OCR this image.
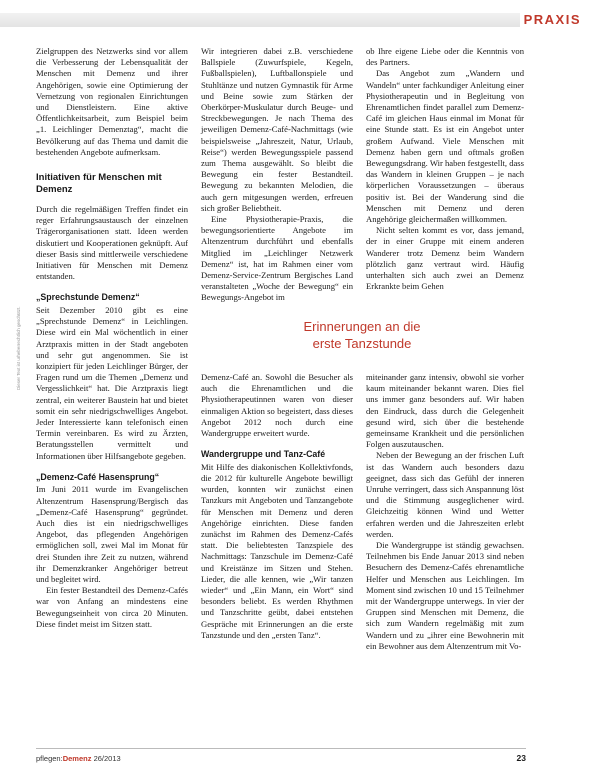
PRAXIS
Dieser Text ist urheberrechtlich geschützt.

Zielgruppen des Netzwerks sind vor allem die Verbesserung der Lebensqualität der Menschen mit Demenz und ihrer Angehörigen, sowie eine Optimierung der Vernetzung von regionalen Einrichtungen und Dienstleistern. Eine aktive Öffentlichkeitsarbeit, zum Beispiel beim „1. Leichlinger Demenztag“, macht die Bevölkerung auf das Thema und damit die bestehenden Angebote aufmerksam.

Initiativen für Menschen mit Demenz

Durch die regelmäßigen Treffen findet ein reger Erfahrungsaustausch der einzelnen Trägerorganisationen statt. Ideen werden diskutiert und Kooperationen geknüpft. Auf dieser Basis sind mittlerweile verschiedene Initiativen für Menschen mit Demenz entstanden.

„Sprechstunde Demenz“

Seit Dezember 2010 gibt es eine „Sprechstunde Demenz“ in Leichlingen. Diese wird ein Mal wöchentlich in einer Arztpraxis mitten in der Stadt angeboten und sehr gut angenommen. Sie ist konzipiert für jeden Leichlinger Bürger, der Fragen rund um die Themen „Demenz und Vergesslichkeit“ hat. Die Arztpraxis liegt zentral, ein weiterer Baustein hat und bietet somit ein sehr niedrigschwelliges Angebot. Jeder Interessierte kann telefonisch einen Termin vereinbaren. Es wird zu Ärzten, Beratungsstellen vermittelt und Informationen über Hilfsangebote gegeben.

„Demenz-Café Hasensprung“

Im Juni 2011 wurde im Evangelischen Altenzentrum Hasensprung/Bergisch das „Demenz-Café Hasensprung“ gegründet. Auch dies ist ein niedrigschwelliges Angebot, das pflegenden Angehörigen ermöglichen soll, zwei Mal im Monat für drei Stunden ihre Zeit zu nutzen, während ihr Demenzkranker Angehöriger betreut und begleitet wird.

Ein fester Bestandteil des Demenz-Cafés war von Anfang an mindestens eine Bewegungseinheit von circa 20 Minuten. Diese findet meist im Sitzen statt.

Wir integrieren dabei z.B. verschiedene Ballspiele (Zuwurfspiele, Kegeln, Fußballspielen), Luftballonspiele und Stuhltänze und nutzen Gymnastik für Arme und Beine sowie zum Stärken der Oberkörper-Muskulatur durch Beuge- und Streckbewegungen. Je nach Thema des jeweiligen Demenz-Café-Nachmittags (wie beispielsweise „Jahreszeit, Natur, Urlaub, Reise“) werden Bewegungsspiele passend zum Thema ausgewählt. So bleibt die Bewegung ein fester Bestandteil. Bewegung zu bekannten Melodien, die auch gern mitgesungen werden, erfreuen sich großer Beliebtheit.

Eine Physiotherapie-Praxis, die bewegungsorientierte Angebote im Altenzentrum durchführt und ebenfalls Mitglied im „Leichlinger Netzwerk Demenz“ ist, hat im Rahmen einer vom Demenz-Service-Zentrum Bergisches Land veranstalteten „Woche der Bewegung“ ein Bewegungs-Angebot im

ob Ihre eigene Liebe oder die Kenntnis von des Partners.

Das Angebot zum „Wandern und Wandeln“ unter fachkundiger Anleitung einer Physiotherapeutin und in Begleitung von Ehrenamtlichen findet parallel zum Demenz-Café im gleichen Haus einmal im Monat für eine Stunde statt. Es ist ein Angebot unter großem Aufwand. Viele Menschen mit Demenz haben gern und oftmals großen Bewegungsdrang. Wir haben festgestellt, dass das Wandern in kleinen Gruppen – je nach körperlichen Voraussetzungen – überaus positiv ist. Bei der Wanderung sind die Menschen mit Demenz und deren Angehörige gleichermaßen willkommen.

Nicht selten kommt es vor, dass jemand, der in einer Gruppe mit einem anderen Wanderer trotz Demenz beim Wandern plötzlich ganz vertraut wird. Häufig unterhalten sich auch zwei an Demenz Erkrankte beim Gehen

Erinnerungen an die
erste Tanzstunde

Demenz-Café an. Sowohl die Besucher als auch die Ehrenamtlichen und die Physiotherapeutinnen waren von dieser einmaligen Aktion so begeistert, dass dieses Angebot 2012 noch durch eine Wandergruppe erweitert wurde.

Wandergruppe und Tanz-Café

Mit Hilfe des diakonischen Kollektivfonds, die 2012 für kulturelle Angebote bewilligt wurden, konnten wir zunächst einen Tanzkurs mit Angeboten und Tanzangebote für Menschen mit Demenz und deren Angehörige einrichten. Diese fanden zunächst im Rahmen des Demenz-Cafés statt. Die beliebtesten Tanzspiele des Nachmittags: Tanzschule im Demenz-Café und Kreistänze im Sitzen und Stehen. Lieder, die alle kennen, wie „Wir tanzen wieder“ und „Ein Mann, ein Wort“ sind besonders beliebt. Es werden Rhythmen und Tanzschritte geübt, dabei entstehen Gespräche mit Erinnerungen an die erste Tanzstunde und den „ersten Tanz“.

miteinander ganz intensiv, obwohl sie vorher kaum miteinander bekannt waren. Dies fiel uns immer ganz besonders auf. Wir haben den Eindruck, dass durch die Gelegenheit gesund wird, sich über die bestehende gemeinsame Krankheit und die persönlichen Folgen auszutauschen.

Neben der Bewegung an der frischen Luft ist das Wandern auch besonders dazu geeignet, dass sich das Gefühl der inneren Unruhe verringert, dass sich Anspannung löst und die Stimmung ausgeglichener wird. Gleichzeitig können Wind und Wetter erfahren werden und die Jahreszeiten erlebt werden.

Die Wandergruppe ist ständig gewachsen. Teilnehmen bis Ende Januar 2013 sind neben Besuchern des Demenz-Cafés ehrenamtliche Helfer und Menschen aus Leichlingen. Im Moment sind zwischen 10 und 15 Teilnehmer mit der Wandergruppe unterwegs. In vier der Gruppen sind Menschen mit Demenz, die sich zum Wandern regelmäßig mit zum Wandern und zu „ihrer eine Bewohnerin mit ein Bewohner aus dem Altenzentrum mit Vo-

pflegen:Demenz 26/2013	23
